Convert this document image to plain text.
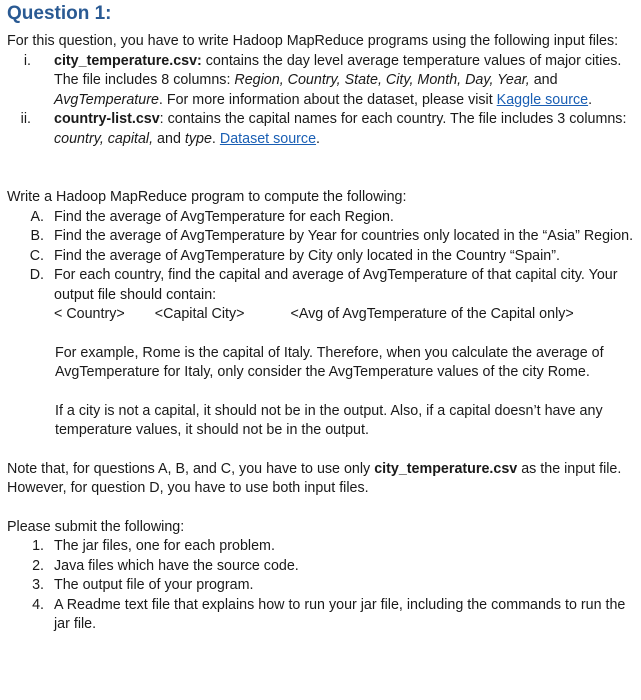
Question 1:

For this question, you have to write Hadoop MapReduce programs using the following input files:

i.	city_temperature.csv: contains the day level average temperature values of major cities. The file includes 8 columns: Region, Country, State, City, Month, Day, Year, and AvgTemperature. For more information about the dataset, please visit Kaggle source.
ii.	country-list.csv: contains the capital names for each country. The file includes 3 columns: country, capital, and type. Dataset source.

Write a Hadoop MapReduce program to compute the following:

A. Find the average of AvgTemperature for each Region.
B. Find the average of AvgTemperature by Year for countries only located in the “Asia” Region.
C. Find the average of AvgTemperature by City only located in the Country “Spain”.
D. For each country, find the capital and average of AvgTemperature of that capital city. Your output file should contain:
< Country> <Capital City>	<Avg of AvgTemperature of the Capital only>

For example, Rome is the capital of Italy. Therefore, when you calculate the average of AvgTemperature for Italy, only consider the AvgTemperature values of the city Rome.

If a city is not a capital, it should not be in the output. Also, if a capital doesn’t have any temperature values, it should not be in the output.

Note that, for questions A, B, and C, you have to use only city_temperature.csv as the input file. However, for question D, you have to use both input files.

Please submit the following:

1. The jar files, one for each problem.
2. Java files which have the source code.
3. The output file of your program.
4. A Readme text file that explains how to run your jar file, including the commands to run the jar file.
